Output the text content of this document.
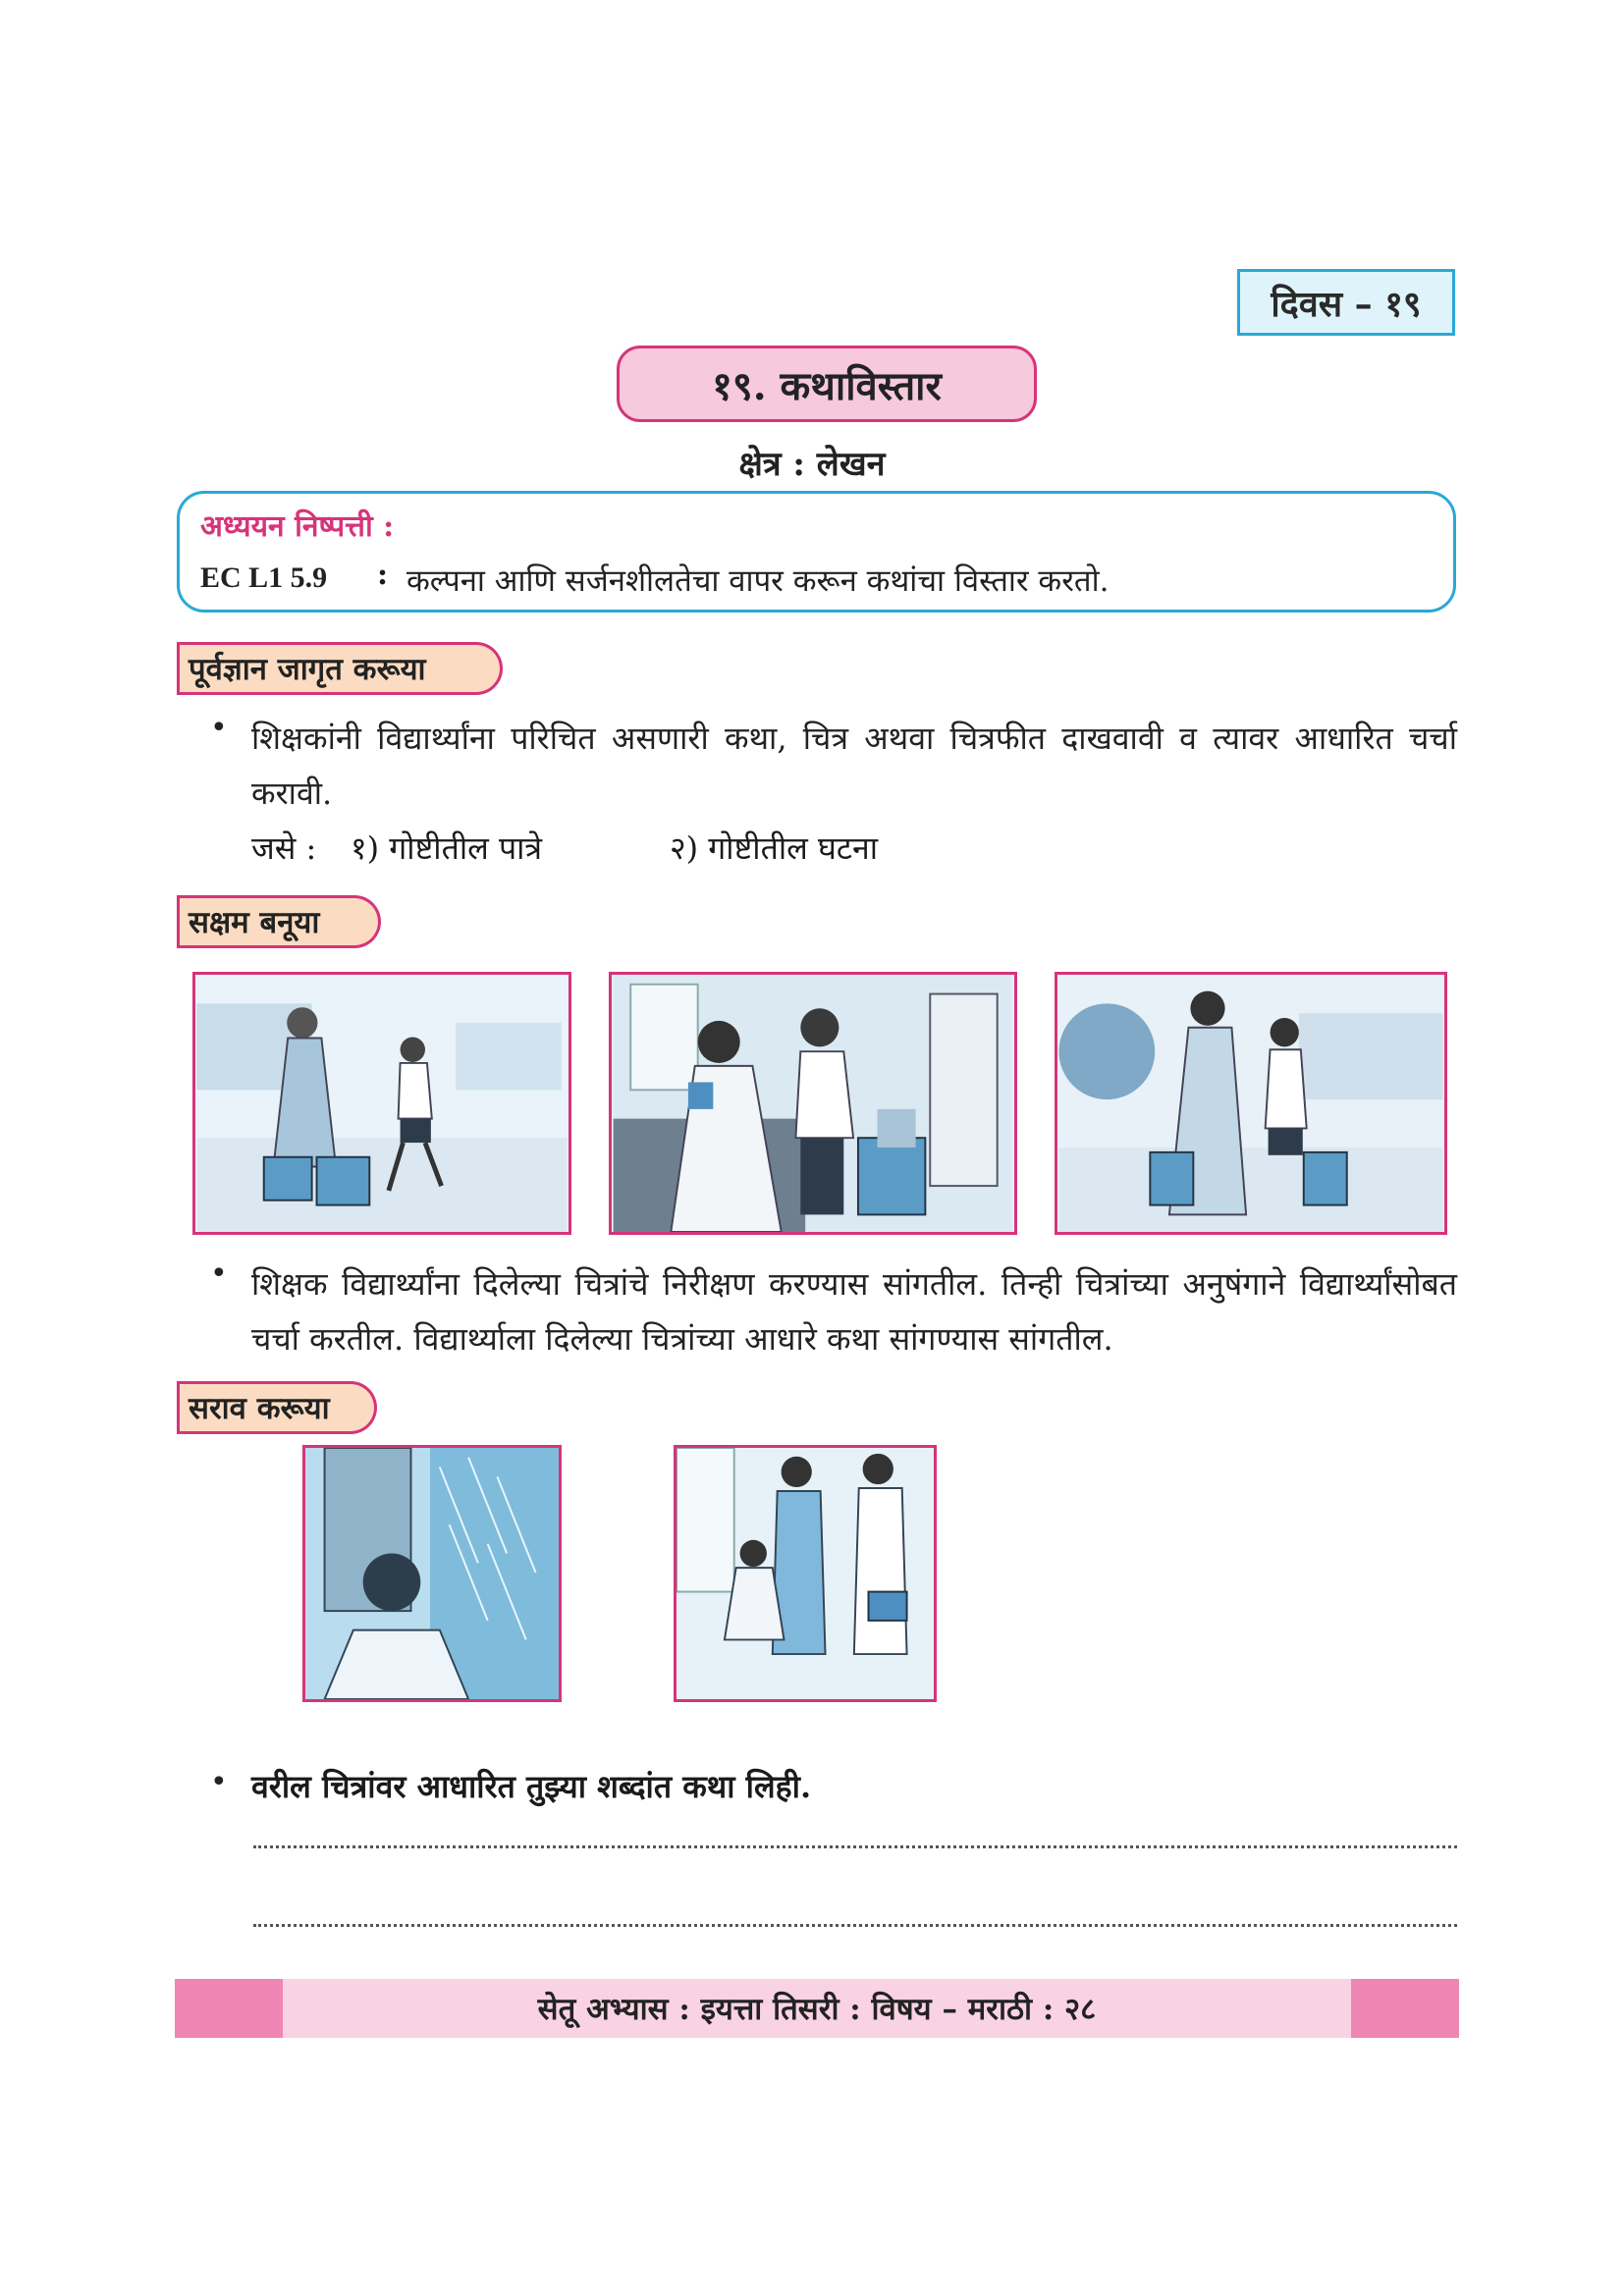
दिवस – १९
१९. कथाविस्तार
क्षेत्र : लेखन
अध्ययन निष्पत्ती :
EC L1 5.9 : कल्पना आणि सर्जनशीलतेचा वापर करून कथांचा विस्तार करतो.
पूर्वज्ञान जागृत करूया
• शिक्षकांनी विद्यार्थ्यांना परिचित असणारी कथा, चित्र अथवा चित्रफीत दाखवावी व त्यावर आधारित चर्चा करावी.
जसे : १) गोष्टीतील पात्रे	२) गोष्टीतील घटना
सक्षम बनूया
• शिक्षक विद्यार्थ्यांना दिलेल्या चित्रांचे निरीक्षण करण्यास सांगतील. तिन्ही चित्रांच्या अनुषंगाने विद्यार्थ्यांसोबत चर्चा करतील. विद्यार्थ्याला दिलेल्या चित्रांच्या आधारे कथा सांगण्यास सांगतील.
सराव करूया
• वरील चित्रांवर आधारित तुझ्या शब्दांत कथा लिही.
सेतू अभ्यास : इयत्ता तिसरी : विषय – मराठी : २८
